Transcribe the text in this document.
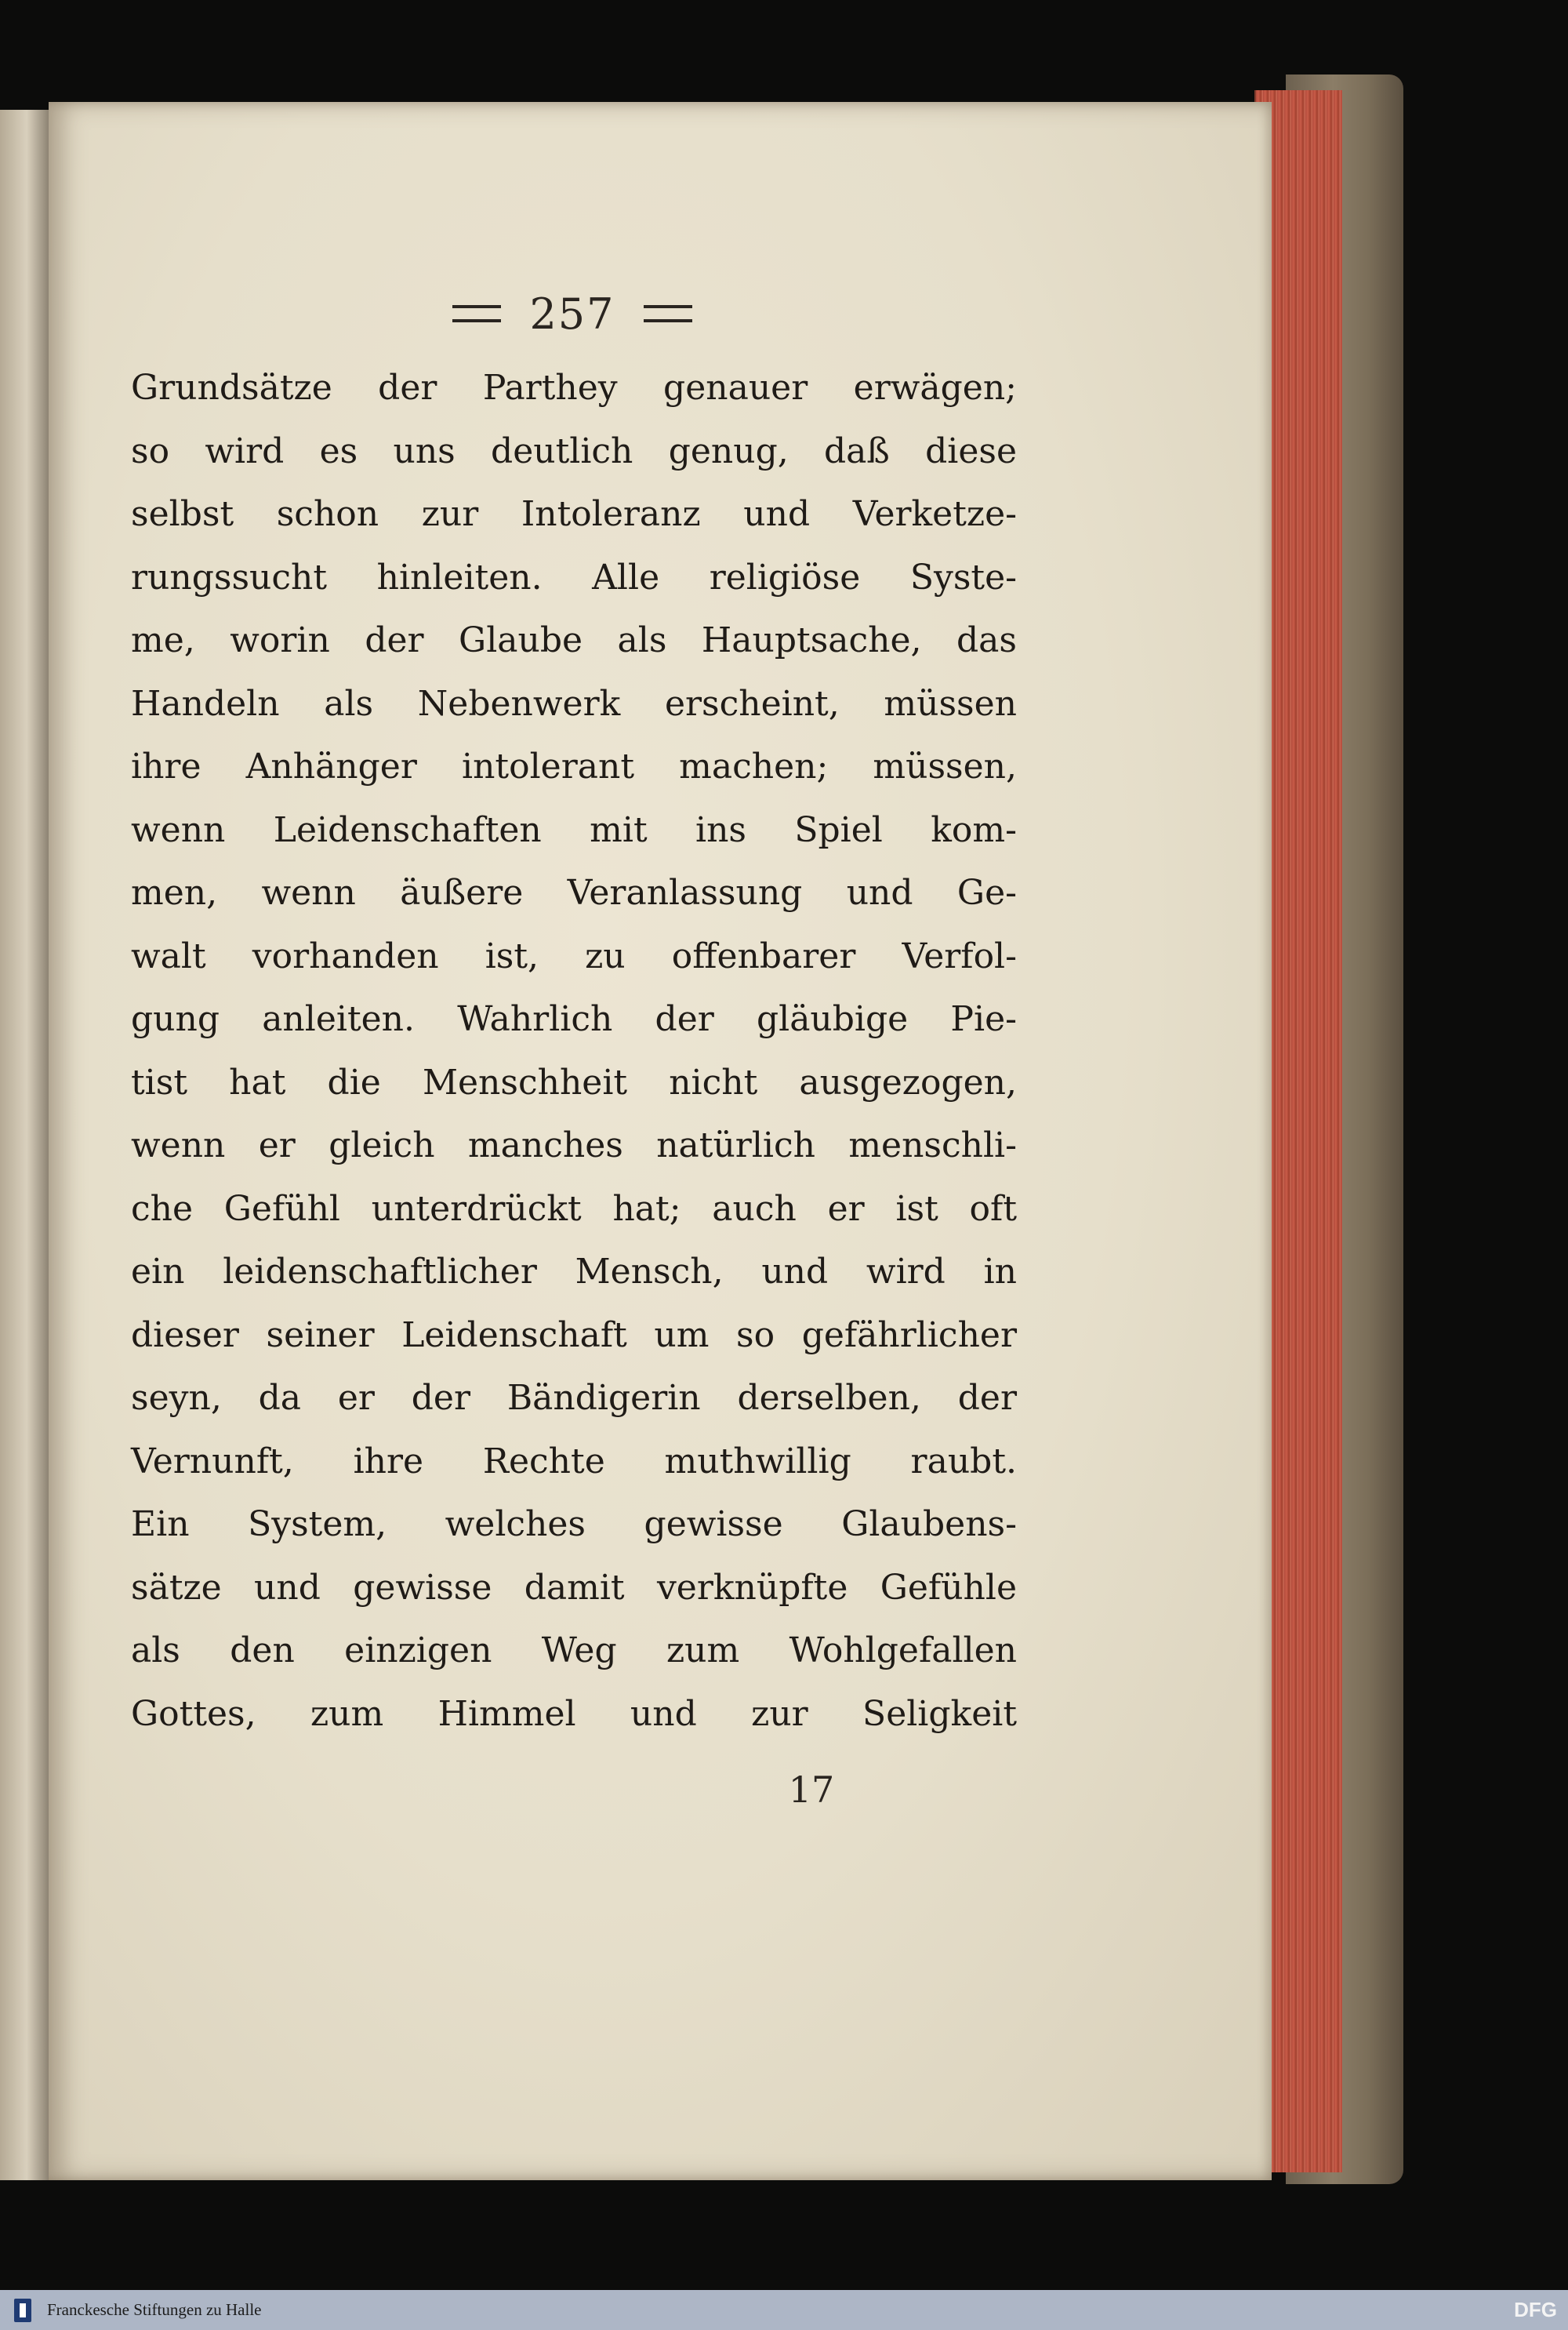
257
Grundsätze der Parthey genauer erwägen;
so wird es uns deutlich genug, daß diese
selbst schon zur Intoleranz und Verketze-
rungssucht hinleiten. Alle religiöse Syste-
me, worin der Glaube als Hauptsache, das
Handeln als Nebenwerk erscheint, müssen
ihre Anhänger intolerant machen; müssen,
wenn Leidenschaften mit ins Spiel kom-
men, wenn äußere Veranlassung und Ge-
walt vorhanden ist, zu offenbarer Verfol-
gung anleiten. Wahrlich der gläubige Pie-
tist hat die Menschheit nicht ausgezogen,
wenn er gleich manches natürlich menschli-
che Gefühl unterdrückt hat; auch er ist oft
ein leidenschaftlicher Mensch, und wird in
dieser seiner Leidenschaft um so gefährlicher
seyn, da er der Bändigerin derselben, der
Vernunft, ihre Rechte muthwillig raubt.
Ein System, welches gewisse Glaubens-
sätze und gewisse damit verknüpfte Gefühle
als den einzigen Weg zum Wohlgefallen
Gottes, zum Himmel und zur Seligkeit
17
Franckesche Stiftungen zu Halle	DFG
